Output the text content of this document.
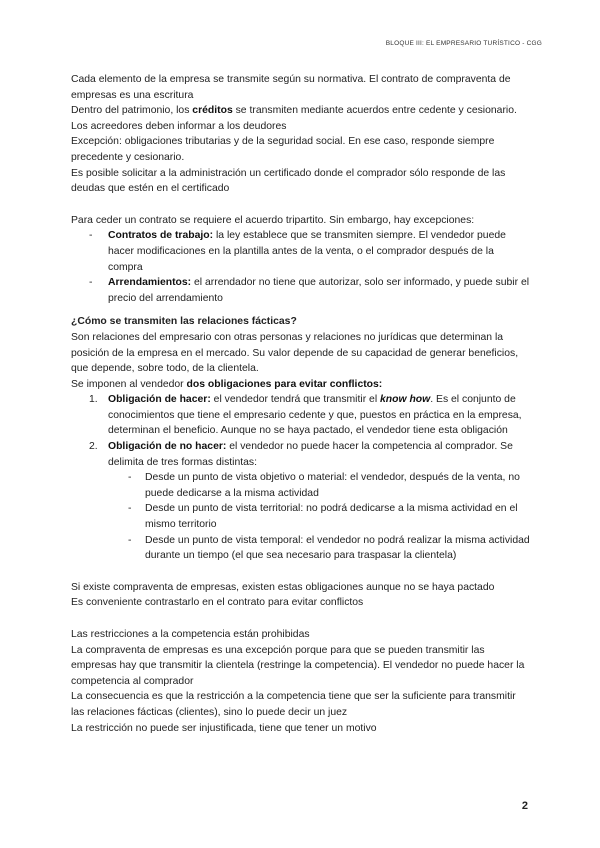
BLOQUE III: EL EMPRESARIO TURÍSTICO - CGG

Cada elemento de la empresa se transmite según su normativa. El contrato de compraventa de empresas es una escritura

Dentro del patrimonio, los créditos se transmiten mediante acuerdos entre cedente y cesionario. Los acreedores deben informar a los deudores

Excepción: obligaciones tributarias y de la seguridad social. En ese caso, responde siempre precedente y cesionario.

Es posible solicitar a la administración un certificado donde el comprador sólo responde de las deudas que estén en el certificado

Para ceder un contrato se requiere el acuerdo tripartito. Sin embargo, hay excepciones:

- Contratos de trabajo: la ley establece que se transmiten siempre. El vendedor puede hacer modificaciones en la plantilla antes de la venta, o el comprador después de la compra
- Arrendamientos: el arrendador no tiene que autorizar, solo ser informado, y puede subir el precio del arrendamiento

¿Cómo se transmiten las relaciones fácticas?

Son relaciones del empresario con otras personas y relaciones no jurídicas que determinan la posición de la empresa en el mercado. Su valor depende de su capacidad de generar beneficios, que depende, sobre todo, de la clientela.

Se imponen al vendedor dos obligaciones para evitar conflictos:

1. Obligación de hacer: el vendedor tendrá que transmitir el know how. Es el conjunto de conocimientos que tiene el empresario cedente y que, puestos en práctica en la empresa, determinan el beneficio. Aunque no se haya pactado, el vendedor tiene esta obligación
2. Obligación de no hacer: el vendedor no puede hacer la competencia al comprador. Se delimita de tres formas distintas:
- Desde un punto de vista objetivo o material: el vendedor, después de la venta, no puede dedicarse a la misma actividad
- Desde un punto de vista territorial: no podrá dedicarse a la misma actividad en el mismo territorio
- Desde un punto de vista temporal: el vendedor no podrá realizar la misma actividad durante un tiempo (el que sea necesario para traspasar la clientela)

Si existe compraventa de empresas, existen estas obligaciones aunque no se haya pactado

Es conveniente contrastarlo en el contrato para evitar conflictos

Las restricciones a la competencia están prohibidas

La compraventa de empresas es una excepción porque para que se pueden transmitir las empresas hay que transmitir la clientela (restringe la competencia). El vendedor no puede hacer la competencia al comprador

La consecuencia es que la restricción a la competencia tiene que ser la suficiente para transmitir las relaciones fácticas (clientes), sino lo puede decir un juez

La restricción no puede ser injustificada, tiene que tener un motivo

2
